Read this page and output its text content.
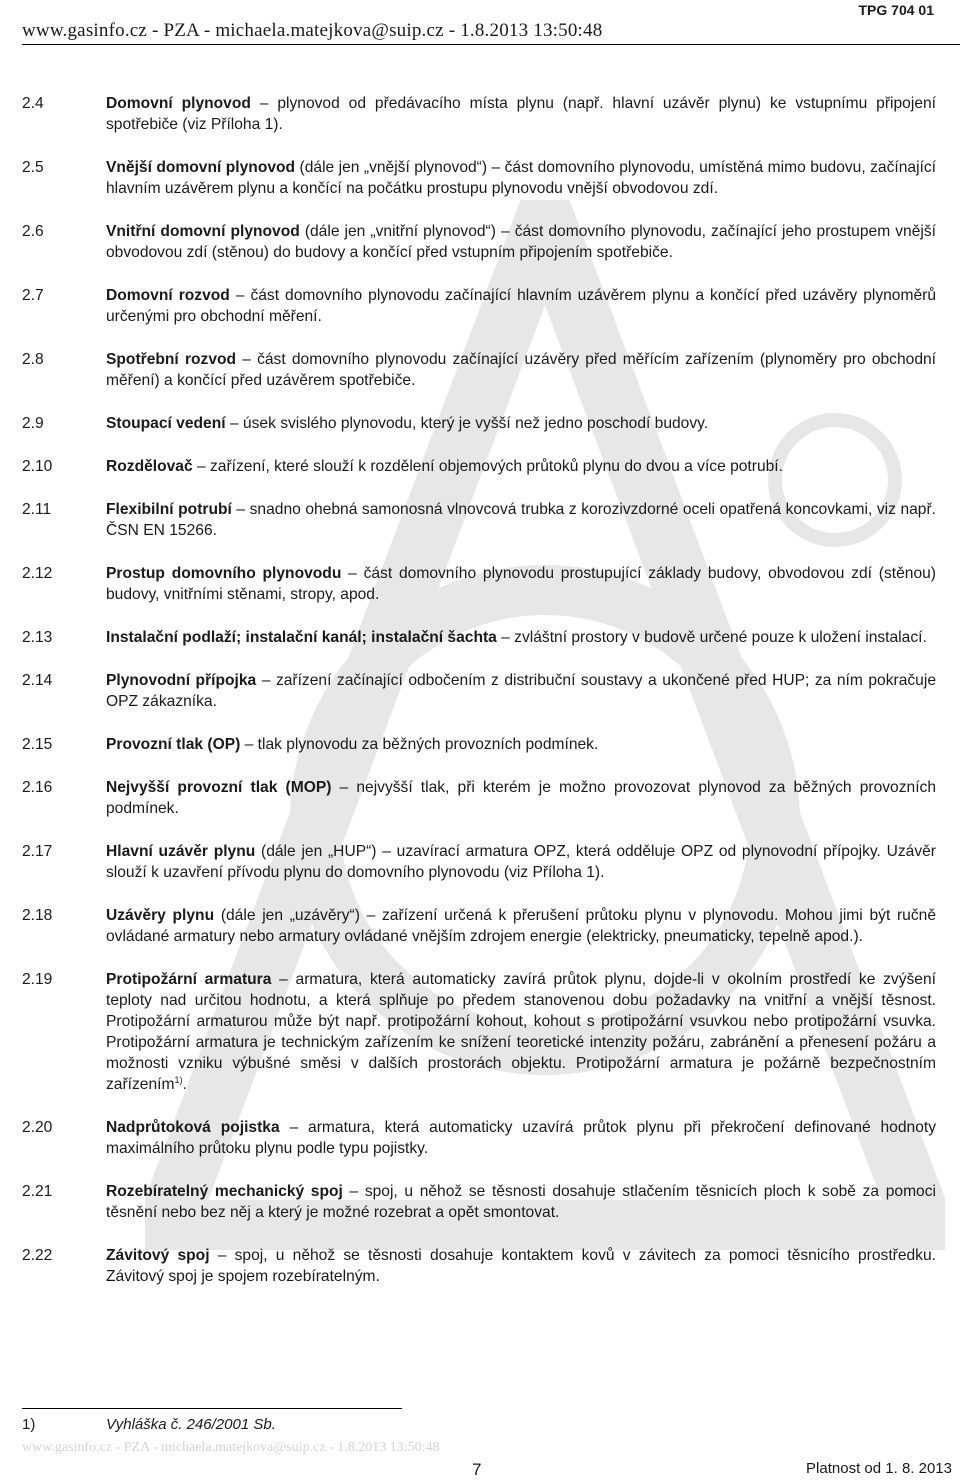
TPG 704 01
www.gasinfo.cz - PZA - michaela.matejkova@suip.cz - 1.8.2013 13:50:48
2.4	Domovní plynovod – plynovod od předávacího místa plynu (např. hlavní uzávěr plynu) ke vstupnímu připojení spotřebiče (viz Příloha 1).
2.5	Vnější domovní plynovod (dále jen „vnější plynovod“) – část domovního plynovodu, umístěná mimo budovu, začínající hlavním uzávěrem plynu a končící na počátku prostupu plynovodu vnější obvodovou zdí.
2.6	Vnitřní domovní plynovod (dále jen „vnitřní plynovod“) – část domovního plynovodu, začínající jeho prostupem vnější obvodovou zdí (stěnou) do budovy a končící před vstupním připojením spotřebiče.
2.7	Domovní rozvod – část domovního plynovodu začínající hlavním uzávěrem plynu a končící před uzávěry plynoměrů určenými pro obchodní měření.
2.8	Spotřební rozvod – část domovního plynovodu začínající uzávěry před měřícím zařízením (plynoměry pro obchodní měření) a končící před uzávěrem spotřebiče.
2.9	Stoupací vedení – úsek svislého plynovodu, který je vyšší než jedno poschodí budovy.
2.10	Rozdělovač – zařízení, které slouží k rozdělení objemových průtoků plynu do dvou a více potrubí.
2.11	Flexibilní potrubí – snadno ohebná samonosná vlnovcová trubka z korozivzdorné oceli opatřená koncovkami, viz např. ČSN EN 15266.
2.12	Prostup domovního plynovodu – část domovního plynovodu prostupující základy budovy, obvodovou zdí (stěnou) budovy, vnitřními stěnami, stropy, apod.
2.13	Instalační podlaží; instalační kanál; instalační šachta – zvláštní prostory v budově určené pouze k uložení instalací.
2.14	Plynovodní přípojka – zařízení začínající odbočením z distribuční soustavy a ukončené před HUP; za ním pokračuje OPZ zákazníka.
2.15	Provozní tlak (OP) – tlak plynovodu za běžných provozních podmínek.
2.16	Nejvyšší provozní tlak (MOP) – nejvyšší tlak, při kterém je možno provozovat plynovod za běžných provozních podmínek.
2.17	Hlavní uzávěr plynu (dále jen „HUP“) – uzavírací armatura OPZ, která odděluje OPZ od plynovodní přípojky. Uzávěr slouží k uzavření přívodu plynu do domovního plynovodu (viz Příloha 1).
2.18	Uzávěry plynu (dále jen „uzávěry“) – zařízení určená k přerušení průtoku plynu v plynovodu. Mohou jimi být ručně ovládané armatury nebo armatury ovládané vnějším zdrojem energie (elektricky, pneumaticky, tepelně apod.).
2.19	Protipožární armatura – armatura, která automaticky zavírá průtok plynu, dojde-li v okolním prostředí ke zvýšení teploty nad určitou hodnotu, a která splňuje po předem stanovenou dobu požadavky na vnitřní a vnější těsnost. Protipožární armaturou může být např. protipožární kohout, kohout s protipožární vsuvkou nebo protipožární vsuvka. Protipožární armatura je technickým zařízením ke snížení teoretické intenzity požáru, zabránění a přenesení požáru a možnosti vzniku výbušné směsi v dalších prostorách objektu. Protipožární armatura je požárně bezpečnostním zařízením$^{1)}$.
2.20	Nadprůtoková pojistka – armatura, která automaticky uzavírá průtok plynu při překročení definované hodnoty maximálního průtoku plynu podle typu pojistky.
2.21	Rozebíratelný mechanický spoj – spoj, u něhož se těsnosti dosahuje stlačením těsnicích ploch k sobě za pomoci těsnění nebo bez něj a který je možné rozebrat a opět smontovat.
2.22	Závitový spoj – spoj, u něhož se těsnosti dosahuje kontaktem kovů v závitech za pomoci těsnicího prostředku. Závitový spoj je spojem rozebíratelným.
1)	Vyhláška č. 246/2001 Sb.
www.gasinfo.cz - PZA - michaela.matejkova@suip.cz - 1.8.2013 13:50:48
7	Platnost od 1. 8. 2013
